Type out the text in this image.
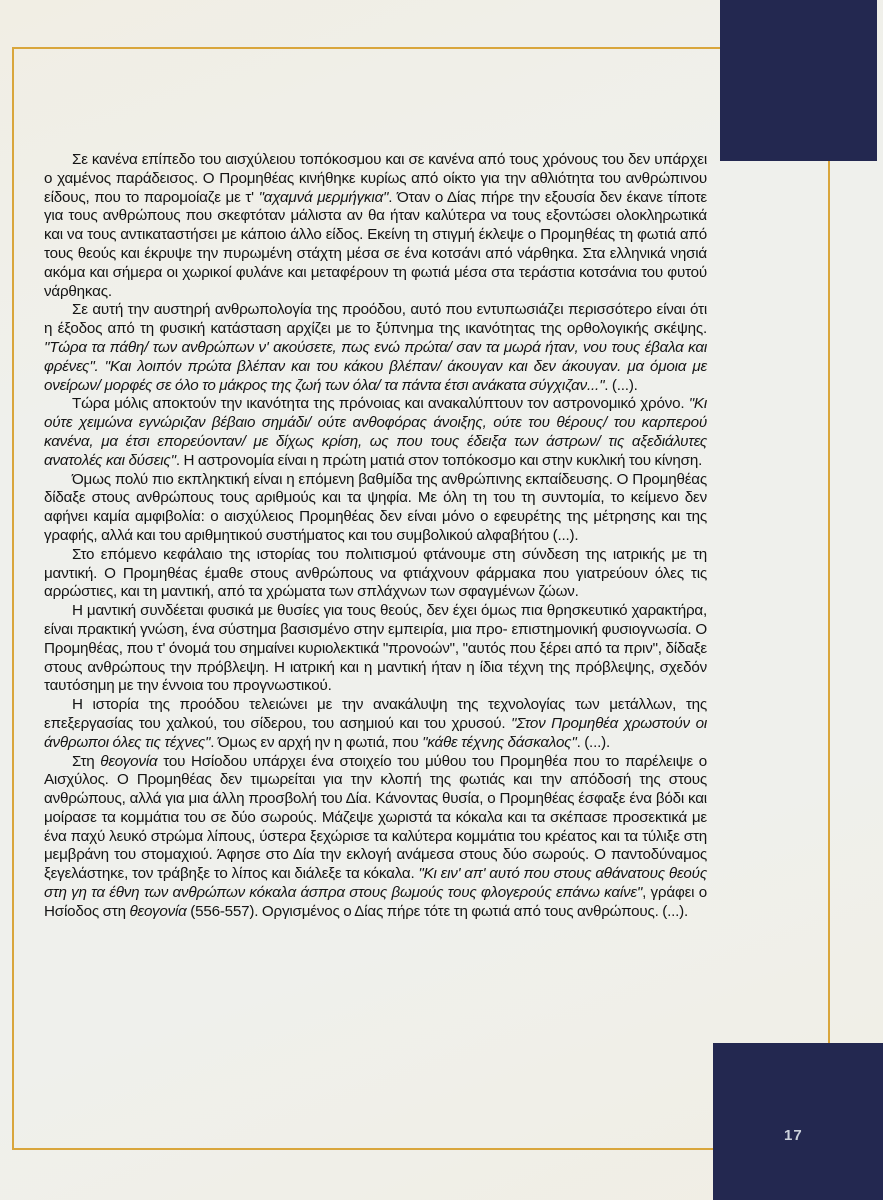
Σε κανένα επίπεδο του αισχύλειου τοπόκοσμου και σε κανένα από τους χρόνους του δεν υπάρχει ο χαμένος παράδεισος. Ο Προμηθέας κινήθηκε κυρίως από οίκτο για την αθλιότητα του ανθρώπινου είδους, που το παρομοίαζε με τ' "αχαμνά μερμήγκια". Όταν ο Δίας πήρε την εξουσία δεν έκανε τίποτε για τους ανθρώπους που σκεφτόταν μάλιστα αν θα ήταν καλύτερα να τους εξοντώσει ολοκληρωτικά και να τους αντικαταστήσει με κάποιο άλλο είδος. Εκείνη τη στιγμή έκλεψε ο Προμηθέας τη φωτιά από τους θεούς και έκρυψε την πυρωμένη στάχτη μέσα σε ένα κοτσάνι από νάρθηκα. Στα ελληνικά νησιά ακόμα και σήμερα οι χωρικοί φυλάνε και μεταφέρουν τη φωτιά μέσα στα τεράστια κοτσάνια του φυτού νάρθηκας.

Σε αυτή την αυστηρή ανθρωπολογία της προόδου, αυτό που εντυπωσιάζει περισσότερο είναι ότι η έξοδος από τη φυσική κατάσταση αρχίζει με το ξύπνημα της ικανότητας της ορθολογικής σκέψης. "Τώρα τα πάθη/ των ανθρώπων ν' ακούσετε, πως ενώ πρώτα/ σαν τα μωρά ήταν, νου τους έβαλα και φρένες". "Και λοιπόν πρώτα βλέπαν και του κάκου βλέπαν/ άκουγαν και δεν άκουγαν. μα όμοια με ονείρων/ μορφές σε όλο το μάκρος της ζωή των όλα/ τα πάντα έτσι ανάκατα σύγχιζαν...". (...).

Τώρα μόλις αποκτούν την ικανότητα της πρόνοιας και ανακαλύπτουν τον αστρονομικό χρόνο. "Κι ούτε χειμώνα εγνώριζαν βέβαιο σημάδι/ ούτε ανθοφόρας άνοιξης, ούτε του θέρους/ του καρπερού κανένα, μα έτσι επορεύονταν/ με δίχως κρίση, ως που τους έδειξα των άστρων/ τις αξεδιάλυτες ανατολές και δύσεις". Η αστρονομία είναι η πρώτη ματιά στον τοπόκοσμο και στην κυκλική του κίνηση.

Όμως πολύ πιο εκπληκτική είναι η επόμενη βαθμίδα της ανθρώπινης εκπαίδευσης. Ο Προμηθέας δίδαξε στους ανθρώπους τους αριθμούς και τα ψηφία. Με όλη τη του τη συντομία, το κείμενο δεν αφήνει καμία αμφιβολία: ο αισχύλειος Προμηθέας δεν είναι μόνο ο εφευρέτης της μέτρησης και της γραφής, αλλά και του αριθμητικού συστήματος και του συμβολικού αλφαβήτου (...).

Στο επόμενο κεφάλαιο της ιστορίας του πολιτισμού φτάνουμε στη σύνδεση της ιατρικής με τη μαντική. Ο Προμηθέας έμαθε στους ανθρώπους να φτιάχνουν φάρμακα που γιατρεύουν όλες τις αρρώστιες, και τη μαντική, από τα χρώματα των σπλάχνων των σφαγμένων ζώων.

Η μαντική συνδέεται φυσικά με θυσίες για τους θεούς, δεν έχει όμως πια θρησκευτικό χαρακτήρα, είναι πρακτική γνώση, ένα σύστημα βασισμένο στην εμπειρία, μια προ- επιστημονική φυσιογνωσία. Ο Προμηθέας, που τ' όνομά του σημαίνει κυριολεκτικά "προνοών", "αυτός που ξέρει από τα πριν", δίδαξε στους ανθρώπους την πρόβλεψη. Η ιατρική και η μαντική ήταν η ίδια τέχνη της πρόβλεψης, σχεδόν ταυτόσημη με την έννοια του προγνωστικού.

Η ιστορία της προόδου τελειώνει με την ανακάλυψη της τεχνολογίας των μετάλλων, της επεξεργασίας του χαλκού, του σίδερου, του ασημιού και του χρυσού. "Στον Προμηθέα χρωστούν οι άνθρωποι όλες τις τέχνες". Όμως εν αρχή ην η φωτιά, που "κάθε τέχνης δάσκαλος". (...).

Στη θεογονία του Ησίοδου υπάρχει ένα στοιχείο του μύθου του Προμηθέα που το παρέλειψε ο Αισχύλος. Ο Προμηθέας δεν τιμωρείται για την κλοπή της φωτιάς και την απόδοσή της στους ανθρώπους, αλλά για μια άλλη προσβολή του Δία. Κάνοντας θυσία, ο Προμηθέας έσφαξε ένα βόδι και μοίρασε τα κομμάτια του σε δύο σωρούς. Μάζεψε χωριστά τα κόκαλα και τα σκέπασε προσεκτικά με ένα παχύ λευκό στρώμα λίπους, ύστερα ξεχώρισε τα καλύτερα κομμάτια του κρέατος και τα τύλιξε στη μεμβράνη του στομαχιού. Άφησε στο Δία την εκλογή ανάμεσα στους δύο σωρούς. Ο παντοδύναμος ξεγελάστηκε, τον τράβηξε το λίπος και διάλεξε τα κόκαλα. "Κι ειν' απ' αυτό που στους αθάνατους θεούς στη γη τα έθνη των ανθρώπων κόκαλα άσπρα στους βωμούς τους φλογερούς επάνω καίνε", γράφει ο Ησίοδος στη θεογονία (556-557). Οργισμένος ο Δίας πήρε τότε τη φωτιά από τους ανθρώπους. (...).

17
